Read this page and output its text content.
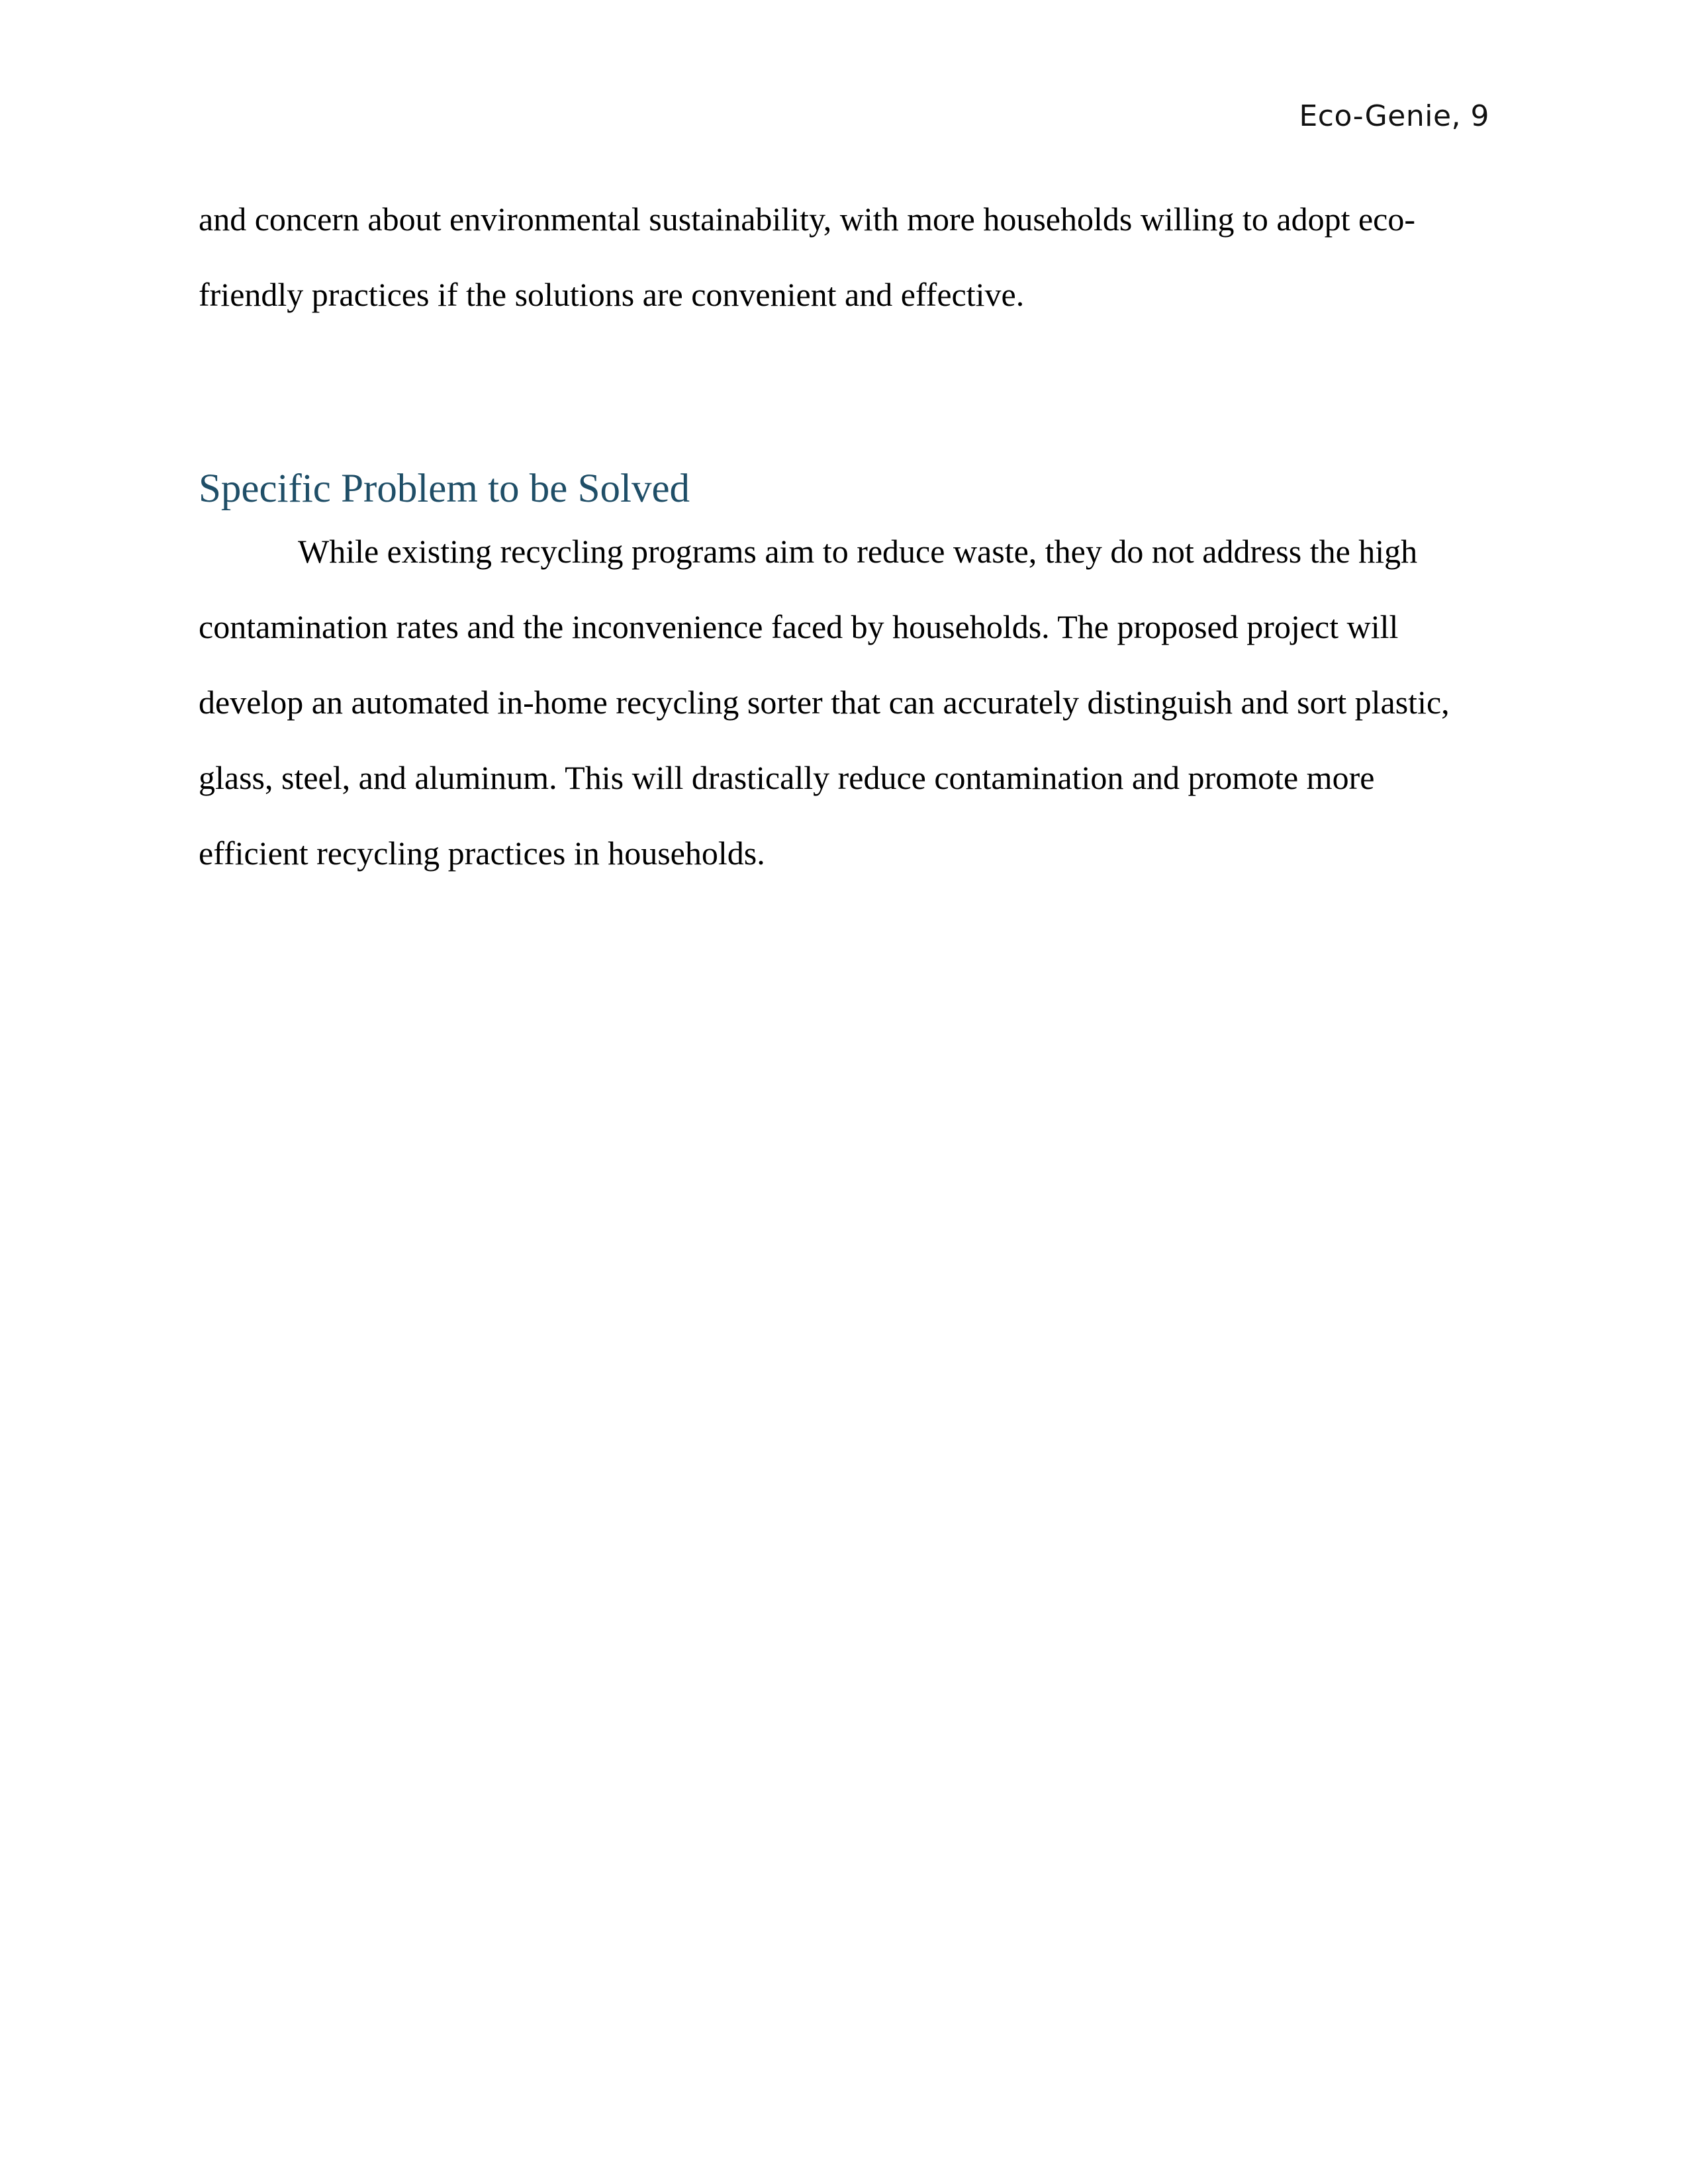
Eco-Genie, 9
and concern about environmental sustainability, with more households willing to adopt eco-
friendly practices if the solutions are convenient and effective.
Specific Problem to be Solved
While existing recycling programs aim to reduce waste, they do not address the high
contamination rates and the inconvenience faced by households. The proposed project will
develop an automated in-home recycling sorter that can accurately distinguish and sort plastic,
glass, steel, and aluminum. This will drastically reduce contamination and promote more
efficient recycling practices in households.
